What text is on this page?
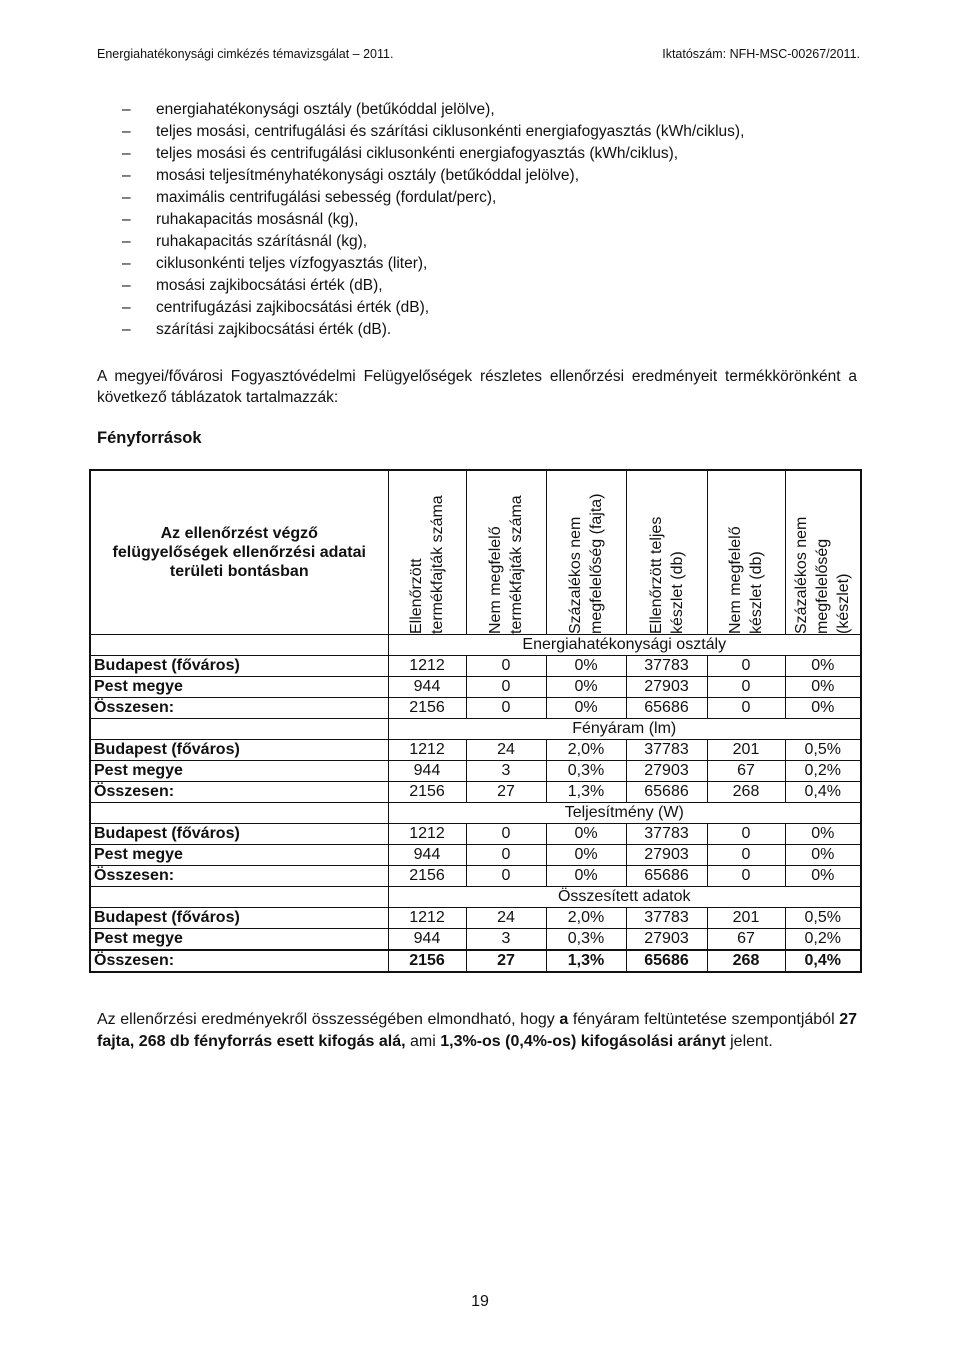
Energiahatékonysági cimkézés témavizsgálat – 2011.	Iktatószám: NFH-MSC-00267/2011.
– energiahatékonysági osztály (betűkóddal jelölve),
– teljes mosási, centrifugálási és szárítási ciklusonkénti energiafogyasztás (kWh/ciklus),
– teljes mosási és centrifugálási ciklusonkénti energiafogyasztás (kWh/ciklus),
– mosási teljesítményhatékonysági osztály (betűkóddal jelölve),
– maximális centrifugálási sebesség (fordulat/perc),
– ruhakapacitás mosásnál (kg),
– ruhakapacitás szárításnál (kg),
– ciklusonkénti teljes vízfogyasztás (liter),
– mosási zajkibocsátási érték (dB),
– centrifugázási zajkibocsátási érték (dB),
– szárítási zajkibocsátási érték (dB).

A megyei/fővárosi Fogyasztóvédelmi Felügyelőségek részletes ellenőrzési eredményeit termékkörönként a következő táblázatok tartalmazzák:

Fényforrások
Az ellenőrzést végző felügyelőségek ellenőrzési adatai területi bontásban	Ellenőrzött termékfajták száma	Nem megfelelő termékfajták száma	Százalékos nem megfelelőség (fajta)	Ellenőrzött teljes készlet (db)	Nem megfelelő készlet (db)	Százalékos nem megfelelőség (készlet)

	Energiahatékonysági osztály					
Budapest (főváros)	1212	0	0%	37783	0	0%
Pest megye	944	0	0%	27903	0	0%
Összesen:	2156	0	0%	65686	0	0%
	Fényáram (lm)					
Budapest (főváros)	1212	24	2,0%	37783	201	0,5%
Pest megye	944	3	0,3%	27903	67	0,2%
Összesen:	2156	27	1,3%	65686	268	0,4%
	Teljesítmény (W)					
Budapest (főváros)	1212	0	0%	37783	0	0%
Pest megye	944	0	0%	27903	0	0%
Összesen:	2156	0	0%	65686	0	0%
	Összesített adatok					
Budapest (főváros)	1212	24	2,0%	37783	201	0,5%
Pest megye	944	3	0,3%	27903	67	0,2%
Összesen:	2156	27	1,3%	65686	268	0,4%

Az ellenőrzési eredményekről összességében elmondható, hogy a fényáram feltüntetése szempontjából 27 fajta, 268 db fényforrás esett kifogás alá, ami 1,3%-os (0,4%-os) kifogásolási arányt jelent.

19
